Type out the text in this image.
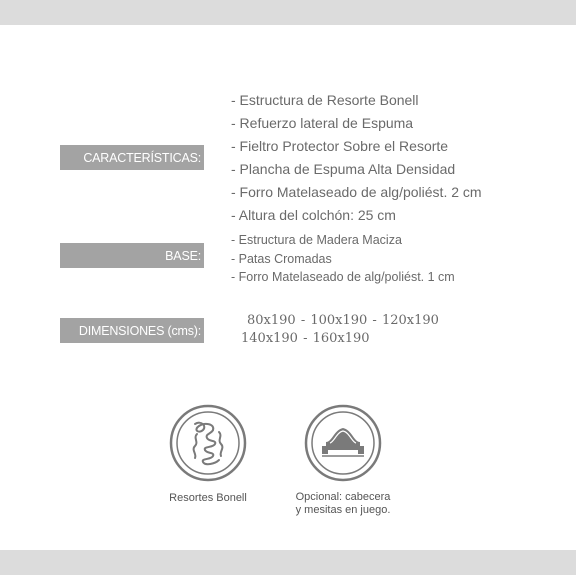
CARACTERÍSTICAS:
- Estructura de Resorte Bonell
- Refuerzo lateral de Espuma
- Fieltro Protector Sobre el Resorte
- Plancha de Espuma Alta Densidad
- Forro Matelaseado de alg/poliést. 2 cm
- Altura del colchón: 25 cm
BASE:
- Estructura de Madera Maciza
- Patas Cromadas
- Forro Matelaseado de alg/poliést. 1 cm
DIMENSIONES (cms):
80x190 - 100x190 - 120x190
140x190 - 160x190
Resortes Bonell	Opcional: cabecera
y mesitas en juego.
